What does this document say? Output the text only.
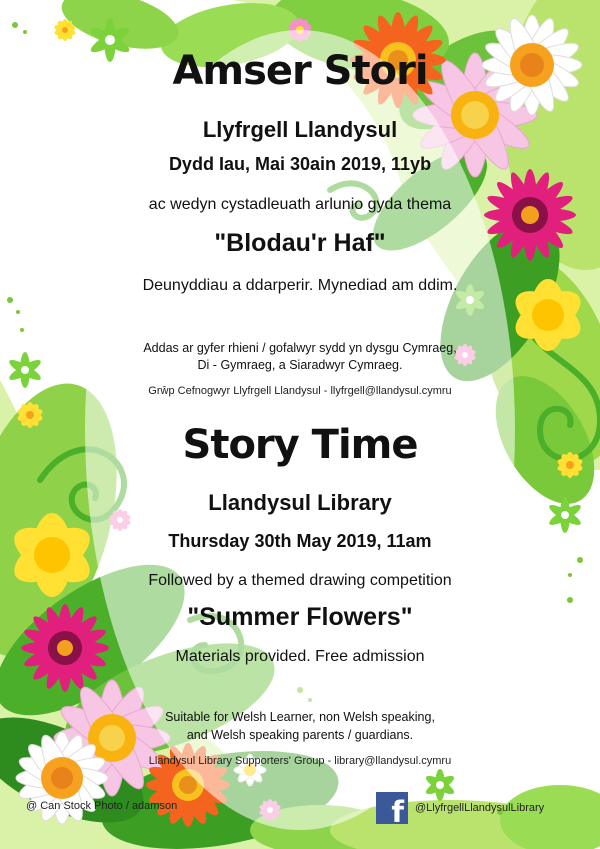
Amser Stori
Llyfrgell Llandysul
Dydd Iau, Mai 30ain 2019, 11yb
ac wedyn cystadleuath arlunio gyda thema
"Blodau'r Haf"
Deunyddiau a ddarperir. Mynediad am ddim.
Addas ar gyfer rhieni / gofalwyr sydd yn dysgu Cymraeg,
Di - Gymraeg, a Siaradwyr Cymraeg.
Grŵp Cefnogwyr Llyfrgell Llandysul - llyfrgell@llandysul.cymru
Story Time
Llandysul Library
Thursday 30th May 2019, 11am
Followed by a themed drawing competition
"Summer Flowers"
Materials provided. Free admission
Suitable for Welsh Learner, non Welsh speaking,
and Welsh speaking parents / guardians.
Llandysul Library Supporters' Group - library@llandysul.cymru
@ Can Stock Photo / adamson	f @LlyfrgellLlandysulLibrary
